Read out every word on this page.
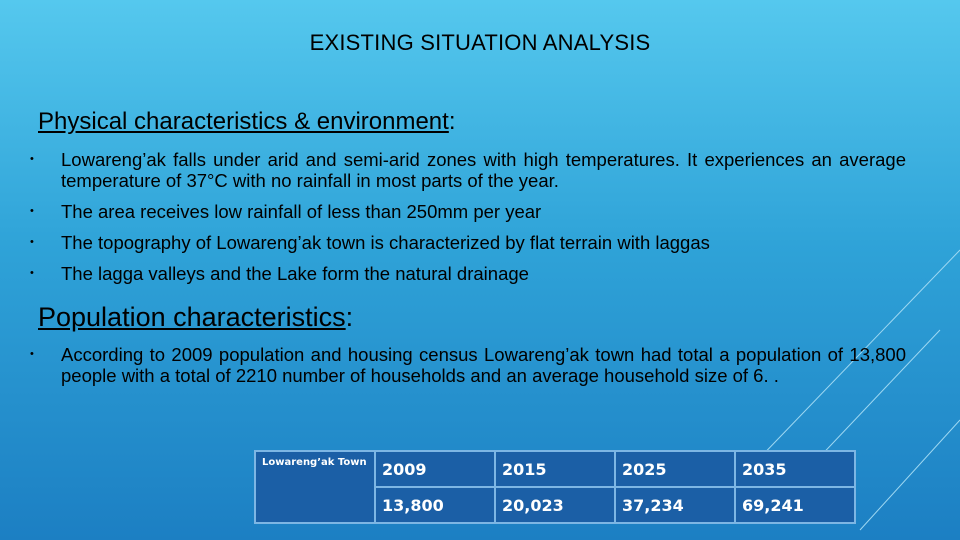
EXISTING SITUATION ANALYSIS
Physical characteristics & environment:
• Lowareng’ak falls under arid and semi-arid zones with high temperatures. It experiences an average temperature of 37°C with no rainfall in most parts of the year.
• The area receives low rainfall of less than 250mm per year
• The topography of Lowareng’ak town is characterized by flat terrain with laggas
• The lagga valleys and the Lake form the natural drainage
Population characteristics:
• According to 2009 population and housing census Lowareng’ak town had total a population of 13,800 people with a total of 2210 number of households and an average household size of 6. .
Lowareng’ak Town	2009	2015	2025	2035
	13,800	20,023	37,234	69,241
